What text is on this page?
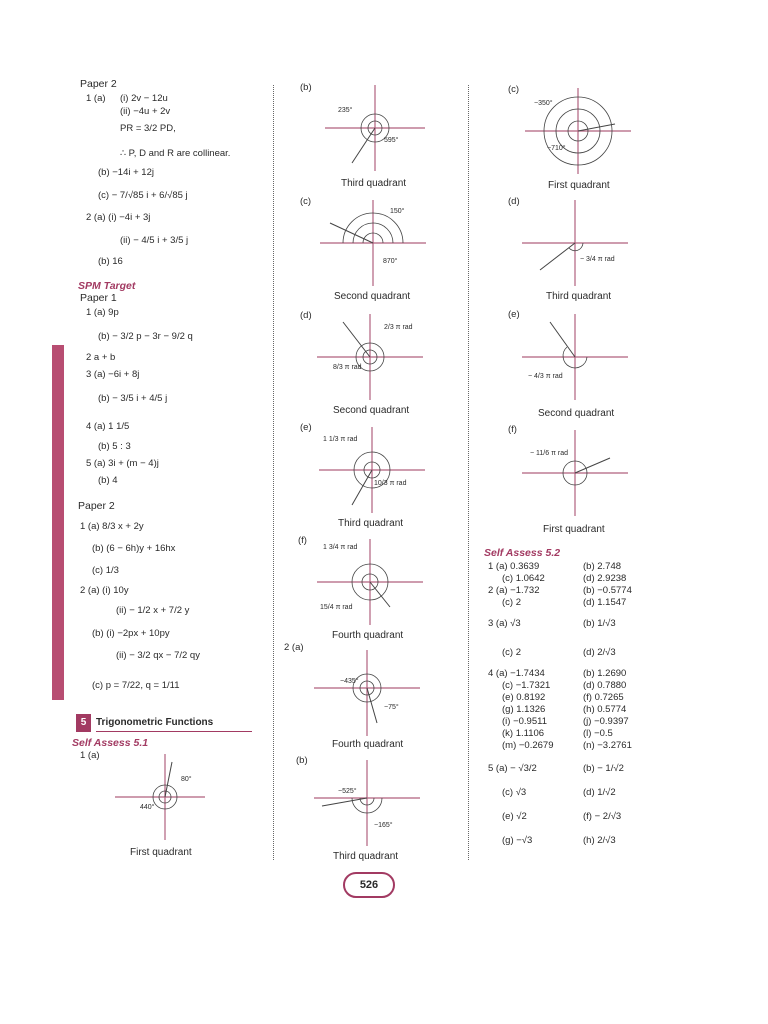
Paper 2
1 (a) (i) 2v − 12u
(ii) −4u + 2v
PR = 3/2 PD,
∴ P, D and R are collinear.
(b) −14i + 12j
(c) − 7/√85 i + 6/√85 j
2 (a) (i) −4i + 3j
(ii) − 4/5 i + 3/5 j
(b) 16
SPM Target
Paper 1
1 (a) 9p
(b) − 3/2 p − 3r − 9/2 q
2 a + b
3 (a) −6i + 8j
(b) − 3/5 i + 4/5 j
4 (a) 1 1/5
(b) 5 : 3
5 (a) 3i + (m − 4)j
(b) 4
Paper 2
1 (a) 8/3 x + 2y
(b) (6 − 6h)y + 16hx
(c) 1/3
2 (a) (i) 10y
(ii) − 1/2 x + 7/2 y
(b) (i) −2px + 10py
(ii) − 3/2 qx − 7/2 qy
(c) p = 7/22, q = 1/11
5 Trigonometric Functions
Self Assess 5.1
1 (a)
80°
440°
First quadrant
(b)
235°
595°
Third quadrant
(c)
150°
870°
Second quadrant
(d)
2/3 π rad
8/3 π rad
Second quadrant
(e)
1 1/3 π rad
10/3 π rad
Third quadrant
(f)
1 3/4 π rad
15/4 π rad
Fourth quadrant
2 (a)
−435°
−75°
Fourth quadrant
(b)
−525°
−165°
Third quadrant
(c)
−350°
−710°
First quadrant
(d)
− 3/4 π rad
Third quadrant
(e)
− 4/3 π rad
Second quadrant
(f)
− 11/6 π rad
First quadrant
Self Assess 5.2
1 (a) 0.3639	(b) 2.748
(c) 1.0642	(d) 2.9238
2 (a) −1.732	(b) −0.5774
(c) 2	(d) 1.1547
3 (a) √3	(b) 1/√3
(c) 2	(d) 2/√3
4 (a) −1.7434	(b) 1.2690
(c) −1.7321	(d) 0.7880
(e) 0.8192	(f) 0.7265
(g) 1.1326	(h) 0.5774
(i) −0.9511	(j) −0.9397
(k) 1.1106	(l) −0.5
(m) −0.2679	(n) −3.2761
5 (a) − √3/2	(b) − 1/√2
(c) √3	(d) 1/√2
(e) √2	(f) − 2/√3
(g) −√3	(h) 2/√3
526
